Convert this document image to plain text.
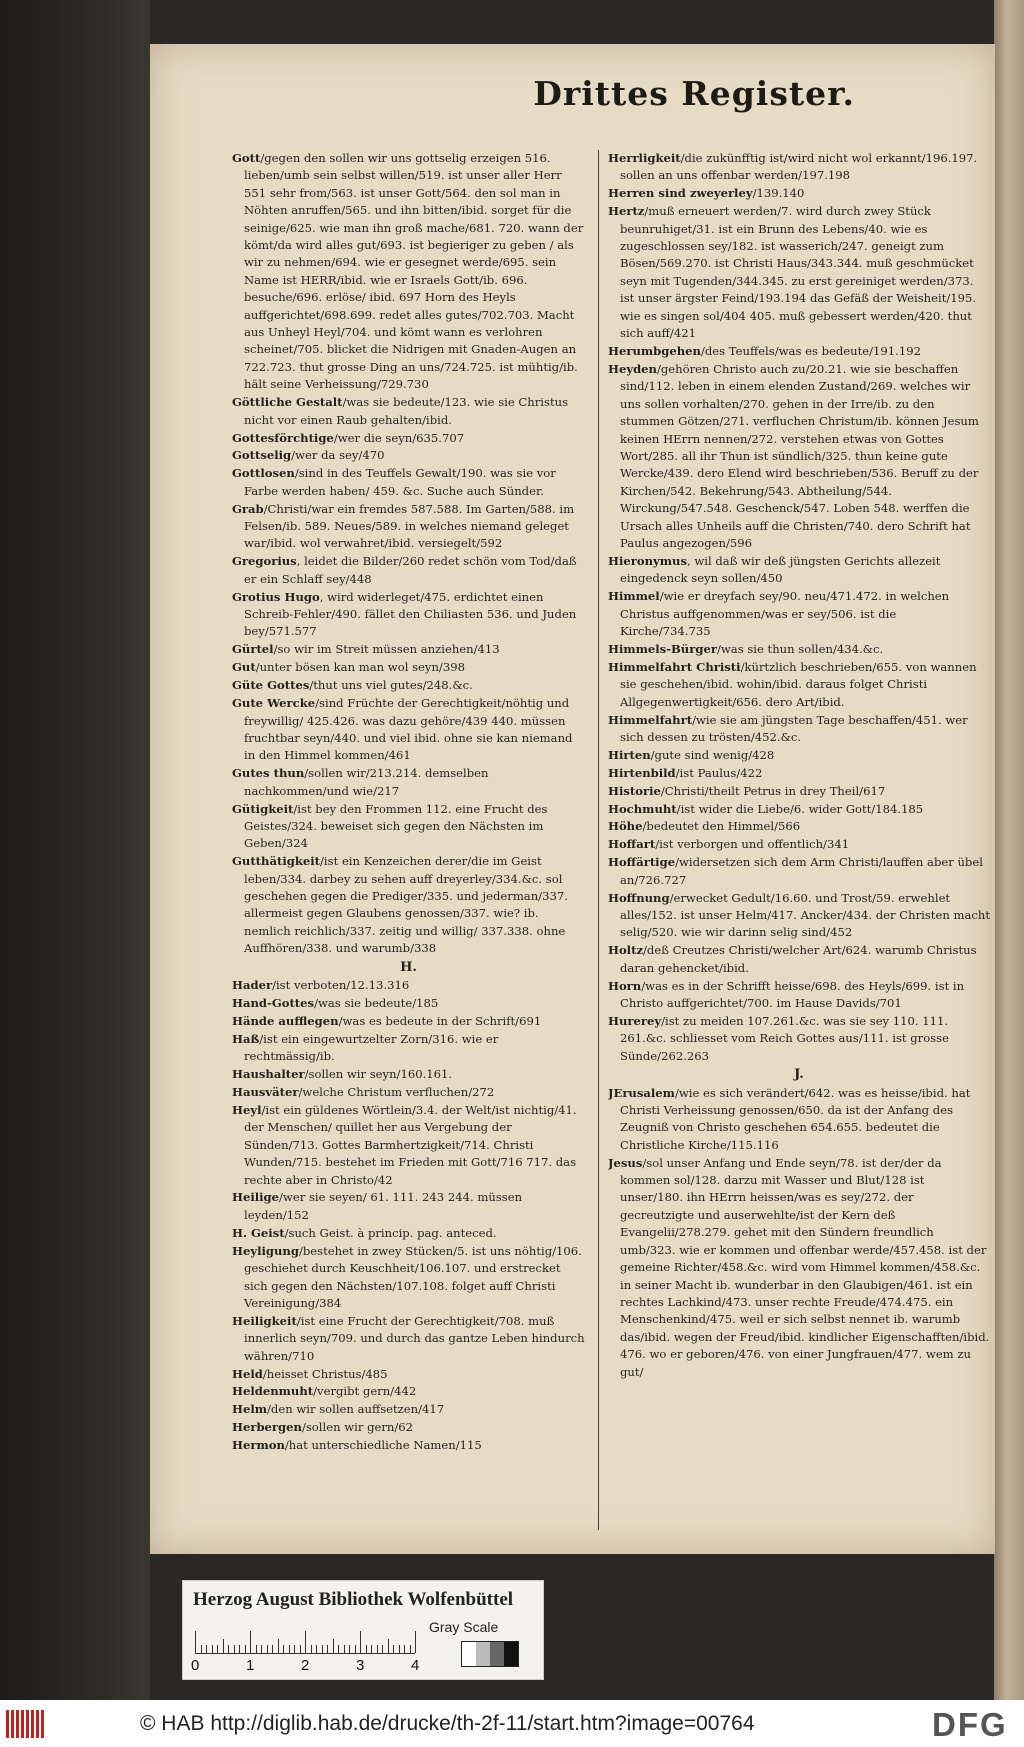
Drittes Register.
Gott/gegen den sollen wir uns gottselig erzeigen 516. lieben/umb sein selbst willen/519. ist unser aller Herr 551 sehr from/563. ist unser Gott/564. den sol man in Nöhten anruffen/565. und ihn bitten/ibid. sorget für die seinige/625. wie man ihn groß mache/681. 720. wann der kömt/da wird alles gut/693. ist begieriger zu geben / als wir zu nehmen/694. wie er gesegnet werde/695. sein Name ist HERR/ibid. wie er Israels Gott/ib. 696. besuche/696. erlöse/ ibid. 697 Horn des Heyls auffgerichtet/698.699. redet alles gutes/702.703. Macht aus Unheyl Heyl/704. und kömt wann es verlohren scheinet/705. blicket die Nidrigen mit Gnaden-Augen an 722.723. thut grosse Ding an uns/724.725. ist mühtig/ib. hält seine Verheissung/729.730
Göttliche Gestalt/was sie bedeute/123. wie sie Christus nicht vor einen Raub gehalten/ibid.
Gottesförchtige/wer die seyn/635.707
Gottselig/wer da sey/470
Gottlosen/sind in des Teuffels Gewalt/190. was sie vor Farbe werden haben/ 459. &c. Suche auch Sünder.
Grab/Christi/war ein fremdes 587.588. Im Garten/588. im Felsen/ib. 589. Neues/589. in welches niemand geleget war/ibid. wol verwahret/ibid. versiegelt/592
Gregorius, leidet die Bilder/260 redet schön vom Tod/daß er ein Schlaff sey/448
Grotius Hugo, wird widerleget/475. erdichtet einen Schreib-Fehler/490. fället den Chiliasten 536. und Juden bey/571.577
Gürtel/so wir im Streit müssen anziehen/413
Gut/unter bösen kan man wol seyn/398
Güte Gottes/thut uns viel gutes/248.&c.
Gute Wercke/sind Früchte der Gerechtigkeit/nöhtig und freywillig/ 425.426. was dazu gehöre/439 440. müssen fruchtbar seyn/440. und viel ibid. ohne sie kan niemand in den Himmel kommen/461
Gutes thun/sollen wir/213.214. demselben nachkommen/und wie/217
Gütigkeit/ist bey den Frommen 112. eine Frucht des Geistes/324. beweiset sich gegen den Nächsten im Geben/324
Gutthätigkeit/ist ein Kenzeichen derer/die im Geist leben/334. darbey zu sehen auff dreyerley/334.&c. sol geschehen gegen die Prediger/335. und jederman/337. allermeist gegen Glaubens genossen/337. wie? ib. nemlich reichlich/337. zeitig und willig/ 337.338. ohne Auffhören/338. und warumb/338
H.
Hader/ist verboten/12.13.316
Hand-Gottes/was sie bedeute/185
Hände aufflegen/was es bedeute in der Schrift/691
Haß/ist ein eingewurtzelter Zorn/316. wie er rechtmässig/ib.
Haushalter/sollen wir seyn/160.161.
Hausväter/welche Christum verfluchen/272
Heyl/ist ein güldenes Wörtlein/3.4. der Welt/ist nichtig/41. der Menschen/ quillet her aus Vergebung der Sünden/713. Gottes Barmhertzigkeit/714. Christi Wunden/715. bestehet im Frieden mit Gott/716 717. das rechte aber in Christo/42
Heilige/wer sie seyen/ 61. 111. 243 244. müssen leyden/152
H. Geist/such Geist. à princip. pag. anteced.
Heyligung/bestehet in zwey Stücken/5. ist uns nöhtig/106. geschiehet durch Keuschheit/106.107. und erstrecket sich gegen den Nächsten/107.108. folget auff Christi Vereinigung/384
Heiligkeit/ist eine Frucht der Gerechtigkeit/708. muß innerlich seyn/709. und durch das gantze Leben hindurch währen/710
Held/heisset Christus/485
Heldenmuht/vergibt gern/442
Helm/den wir sollen auffsetzen/417
Herbergen/sollen wir gern/62
Hermon/hat unterschiedliche Namen/115
Herrligkeit/die zukünfftig ist/wird nicht wol erkannt/196.197. sollen an uns offenbar werden/197.198
Herren sind zweyerley/139.140
Hertz/muß erneuert werden/7. wird durch zwey Stück beunruhiget/31. ist ein Brunn des Lebens/40. wie es zugeschlossen sey/182. ist wasserich/247. geneigt zum Bösen/569.270. ist Christi Haus/343.344. muß geschmücket seyn mit Tugenden/344.345. zu erst gereiniget werden/373. ist unser ärgster Feind/193.194 das Gefäß der Weisheit/195. wie es singen sol/404 405. muß gebessert werden/420. thut sich auff/421
Herumbgehen/des Teuffels/was es bedeute/191.192
Heyden/gehören Christo auch zu/20.21. wie sie beschaffen sind/112. leben in einem elenden Zustand/269. welches wir uns sollen vorhalten/270. gehen in der Irre/ib. zu den stummen Götzen/271. verfluchen Christum/ib. können Jesum keinen HErrn nennen/272. verstehen etwas von Gottes Wort/285. all ihr Thun ist sündlich/325. thun keine gute Wercke/439. dero Elend wird beschrieben/536. Beruff zu der Kirchen/542. Bekehrung/543. Abtheilung/544. Wirckung/547.548. Geschenck/547. Loben 548. werffen die Ursach alles Unheils auff die Christen/740. dero Schrift hat Paulus angezogen/596
Hieronymus, wil daß wir deß jüngsten Gerichts allezeit eingedenck seyn sollen/450
Himmel/wie er dreyfach sey/90. neu/471.472. in welchen Christus auffgenommen/was er sey/506. ist die Kirche/734.735
Himmels-Bürger/was sie thun sollen/434.&c.
Himmelfahrt Christi/kürtzlich beschrieben/655. von wannen sie geschehen/ibid. wohin/ibid. daraus folget Christi Allgegenwertigkeit/656. dero Art/ibid.
Himmelfahrt/wie sie am jüngsten Tage beschaffen/451. wer sich dessen zu trösten/452.&c.
Hirten/gute sind wenig/428
Hirtenbild/ist Paulus/422
Historie/Christi/theilt Petrus in drey Theil/617
Hochmuht/ist wider die Liebe/6. wider Gott/184.185
Höhe/bedeutet den Himmel/566
Hoffart/ist verborgen und offentlich/341
Hoffärtige/widersetzen sich dem Arm Christi/lauffen aber übel an/726.727
Hoffnung/erwecket Gedult/16.60. und Trost/59. erwehlet alles/152. ist unser Helm/417. Ancker/434. der Christen macht selig/520. wie wir darinn selig sind/452
Holtz/deß Creutzes Christi/welcher Art/624. warumb Christus daran gehencket/ibid.
Horn/was es in der Schrifft heisse/698. des Heyls/699. ist in Christo auffgerichtet/700. im Hause Davids/701
Hurerey/ist zu meiden 107.261.&c. was sie sey 110. 111. 261.&c. schliesset vom Reich Gottes aus/111. ist grosse Sünde/262.263
J.
JErusalem/wie es sich verändert/642. was es heisse/ibid. hat Christi Verheissung genossen/650. da ist der Anfang des Zeugniß von Christo geschehen 654.655. bedeutet die Christliche Kirche/115.116
Jesus/sol unser Anfang und Ende seyn/78. ist der/der da kommen sol/128. darzu mit Wasser und Blut/128 ist unser/180. ihn HErrn heissen/was es sey/272. der gecreutzigte und auserwehlte/ist der Kern deß Evangelii/278.279. gehet mit den Sündern freundlich umb/323. wie er kommen und offenbar werde/457.458. ist der gemeine Richter/458.&c. wird vom Himmel kommen/458.&c. in seiner Macht ib. wunderbar in den Glaubigen/461. ist ein rechtes Lachkind/473. unser rechte Freude/474.475. ein Menschenkind/475. weil er sich selbst nennet ib. warumb das/ibid. wegen der Freud/ibid. kindlicher Eigenschafften/ibid. 476. wo er geboren/476. von einer Jungfrauen/477. wem zu gut/
Herzog August Bibliothek Wolfenbüttel
0	1	2	3	4
Gray Scale
© HAB http://diglib.hab.de/drucke/th-2f-11/start.htm?image=00764	DFG
